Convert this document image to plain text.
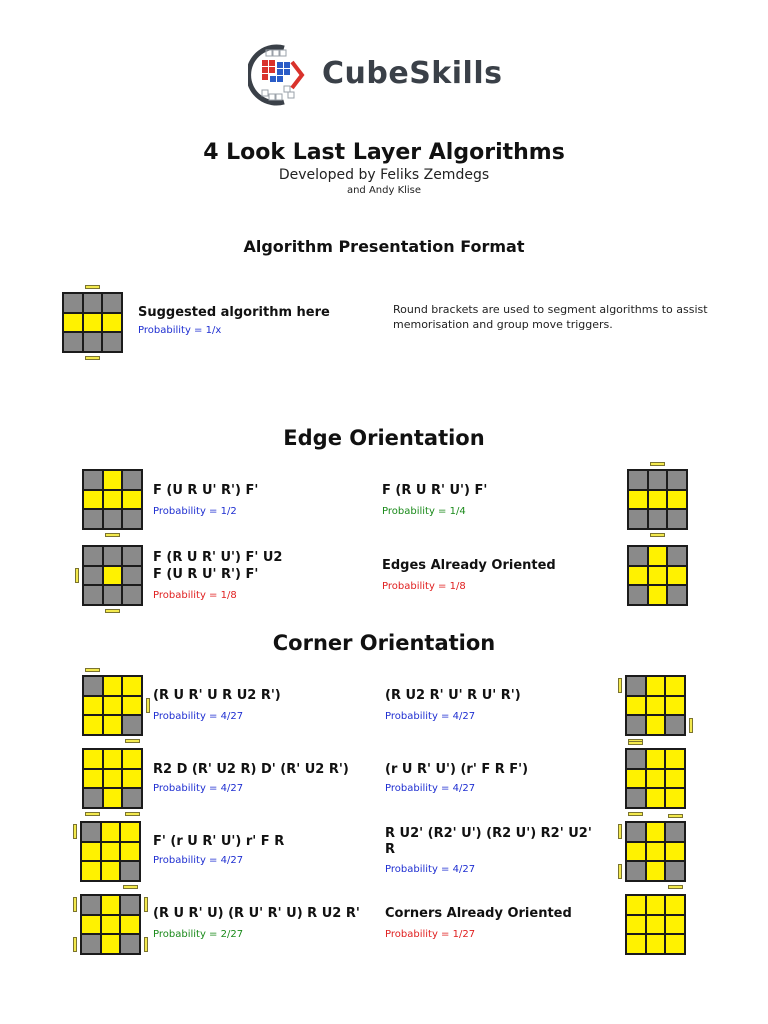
CubeSkills
4 Look Last Layer Algorithms
Developed by Feliks Zemdegs
and Andy Klise
Algorithm Presentation Format
Suggested algorithm here
Probability = 1/x
Round brackets are used to segment algorithms to assist memorisation and group move triggers.
Edge Orientation
F (U R U' R') F'
Probability = 1/2
F (R U R' U') F'
Probability = 1/4
F (R U R' U') F' U2
F (U R U' R') F'
Probability = 1/8
Edges Already Oriented
Probability = 1/8
Corner Orientation
(R U R' U R U2 R')
Probability = 4/27
(R U2 R' U' R U' R')
Probability = 4/27
R2 D (R' U2 R) D' (R' U2 R')
Probability = 4/27
(r U R' U') (r' F R F')
Probability = 4/27
F' (r U R' U') r' F R
Probability = 4/27
R U2' (R2' U') (R2 U') R2' U2'
R
Probability = 4/27
(R U R' U) (R U' R' U) R U2 R'
Probability = 2/27
Corners Already Oriented
Probability = 1/27
